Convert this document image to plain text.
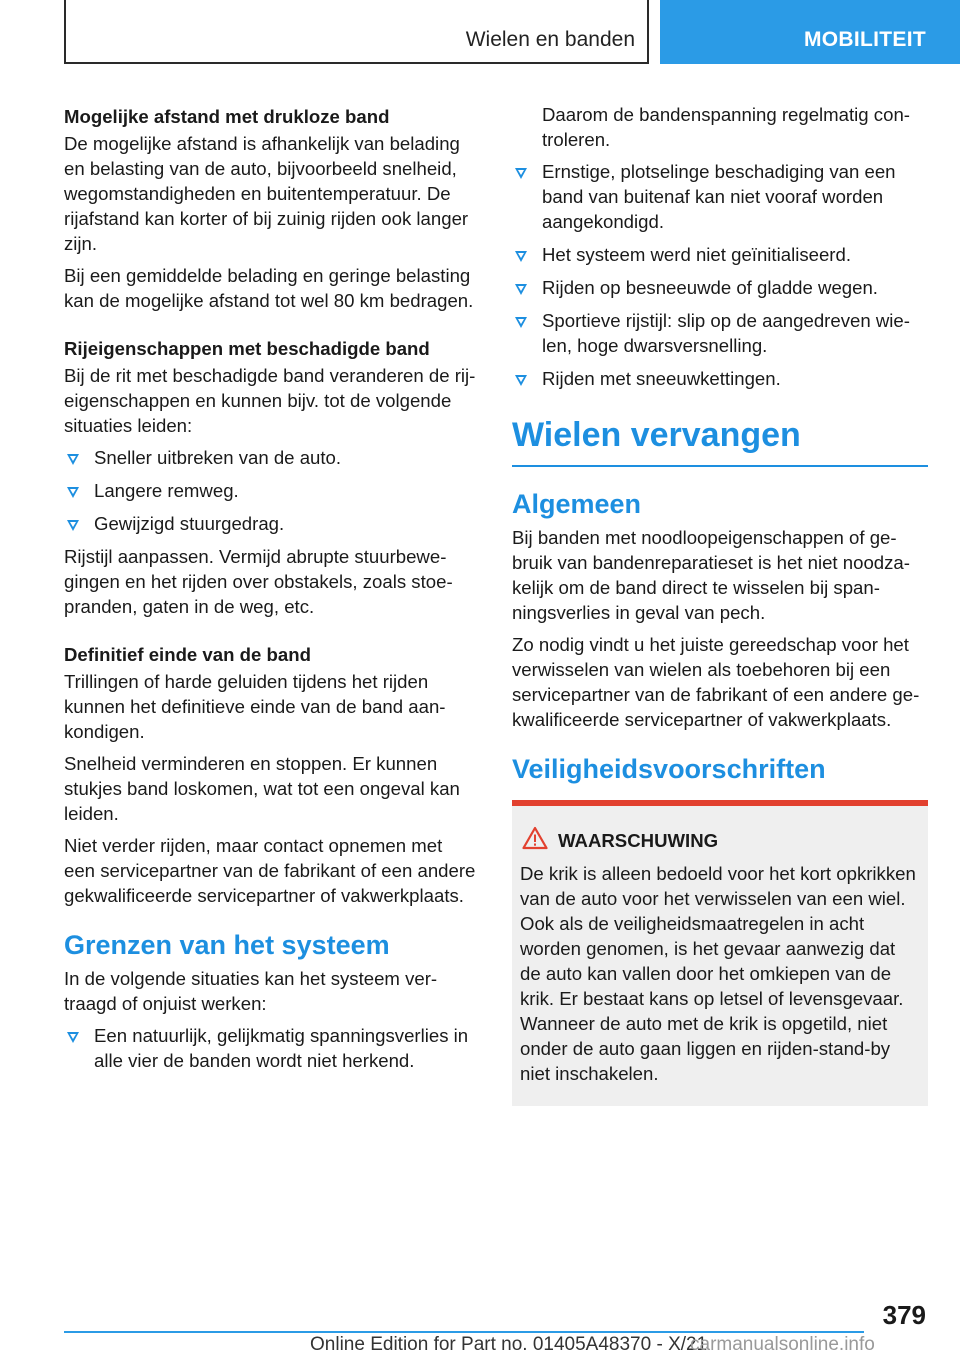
Wielen en banden	MOBILITEIT
Mogelijke afstand met drukloze band

De mogelijke afstand is afhankelijk van belading en belasting van de auto, bijvoorbeeld snelheid, wegomstandigheden en buitentemperatuur. De rijafstand kan korter of bij zuinig rijden ook langer zijn.

Bij een gemiddelde belading en geringe belasting kan de mogelijke afstand tot wel 80 km bedragen.

Rijeigenschappen met beschadigde band

Bij de rit met beschadigde band veranderen de rij-eigenschappen en kunnen bijv. tot de volgende situaties leiden:

Sneller uitbreken van de auto.
Langere remweg.
Gewijzigd stuurgedrag.

Rijstijl aanpassen. Vermijd abrupte stuurbewegingen en het rijden over obstakels, zoals stoepranden, gaten in de weg, etc.

Definitief einde van de band

Trillingen of harde geluiden tijdens het rijden kunnen het definitieve einde van de band aankondigen.

Snelheid verminderen en stoppen. Er kunnen stukjes band loskomen, wat tot een ongeval kan leiden.

Niet verder rijden, maar contact opnemen met een servicepartner van de fabrikant of een andere gekwalificeerde servicepartner of vakwerkplaats.

Grenzen van het systeem

In de volgende situaties kan het systeem vertraagd of onjuist werken:

Een natuurlijk, gelijkmatig spanningsverlies in alle vier de banden wordt niet herkend.

Daarom de bandenspanning regelmatig controleren.

Ernstige, plotselinge beschadiging van een band van buitenaf kan niet vooraf worden aangekondigd.
Het systeem werd niet geïnitialiseerd.
Rijden op besneeuwde of gladde wegen.
Sportieve rijstijl: slip op de aangedreven wielen, hoge dwarsversnelling.
Rijden met sneeuwkettingen.
Wielen vervangen
Algemeen

Bij banden met noodloopeigenschappen of gebruik van bandenreparatieset is het niet noodzakelijk om de band direct te wisselen bij spanningsverlies in geval van pech.

Zo nodig vindt u het juiste gereedschap voor het verwisselen van wielen als toebehoren bij een servicepartner van de fabrikant of een andere gekwalificeerde servicepartner of vakwerkplaats.

Veiligheidsvoorschriften
WAARSCHUWING

De krik is alleen bedoeld voor het kort opkrikken van de auto voor het verwisselen van een wiel. Ook als de veiligheidsmaatregelen in acht worden genomen, is het gevaar aanwezig dat de auto kan vallen door het omkiepen van de krik. Er bestaat kans op letsel of levensgevaar. Wanneer de auto met de krik is opgetild, niet onder de auto gaan liggen en rijden-stand-by niet inschakelen.

379
Online Edition for Part no. 01405A48370 - X/21
carmanualsonline.info
